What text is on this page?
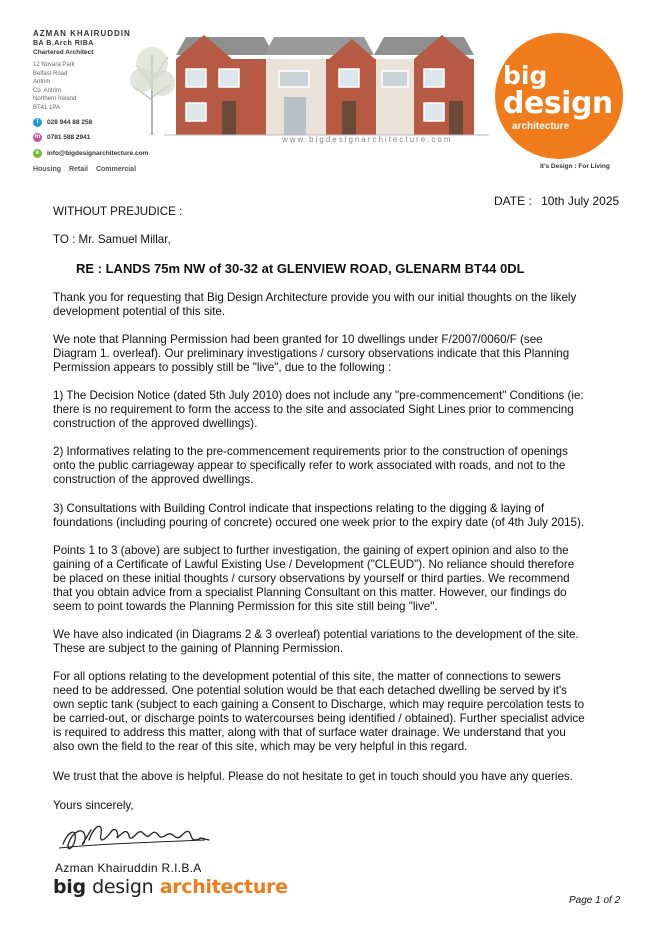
AZMAN KHAIRUDDIN
BA B.Arch RIBA
Chartered Architect
12 Novara Park
Belfast Road
Antrim
Co. Antrim
Northern Ireland
BT41 1PA
t	028 944 88 258
m 0781 588 2941
e	info@bigdesignarchitecture.com
Housing Retail Commercial
www.bigdesignarchitecture.com
big
design
architecture
It's Design : For Living
DATE : 10th July 2025
WITHOUT PREJUDICE :
TO : Mr. Samuel Millar,
RE : LANDS 75m NW of 30-32 at GLENVIEW ROAD, GLENARM BT44 0DL
Thank you for requesting that Big Design Architecture provide you with our initial thoughts on the likely
development potential of this site.
We note that Planning Permission had been granted for 10 dwellings under F/2007/0060/F (see
Diagram 1. overleaf). Our preliminary investigations / cursory observations indicate that this Planning
Permission appears to possibly still be "live", due to the following :
1) The Decision Notice (dated 5th July 2010) does not include any "pre-commencement" Conditions (ie:
there is no requirement to form the access to the site and associated Sight Lines prior to commencing
construction of the approved dwellings).
2) Informatives relating to the pre-commencement requirements prior to the construction of openings
onto the public carriageway appear to specifically refer to work associated with roads, and not to the
construction of the approved dwellings.
3) Consultations with Building Control indicate that inspections relating to the digging & laying of
foundations (including pouring of concrete) occured one week prior to the expiry date (of 4th July 2015).
Points 1 to 3 (above) are subject to further investigation, the gaining of expert opinion and also to the
gaining of a Certificate of Lawful Existing Use / Development ("CLEUD"). No reliance should therefore
be placed on these initial thoughts / cursory observations by yourself or third parties. We recommend
that you obtain advice from a specialist Planning Consultant on this matter. However, our findings do
seem to point towards the Planning Permission for this site still being "live".
We have also indicated (in Diagrams 2 & 3 overleaf) potential variations to the development of the site.
These are subject to the gaining of Planning Permission.
For all options relating to the development potential of this site, the matter of connections to sewers
need to be addressed. One potential solution would be that each detached dwelling be served by it's
own septic tank (subject to each gaining a Consent to Discharge, which may require percolation tests to
be carried-out, or discharge points to watercourses being identified / obtained). Further specialist advice
is required to address this matter, along with that of surface water drainage. We understand that you
also own the field to the rear of this site, which may be very helpful in this regard.
We trust that the above is helpful. Please do not hesitate to get in touch should you have any queries.
Yours sincerely,
Azman Khairuddin R.I.B.A
big design architecture
Page 1 of 2
